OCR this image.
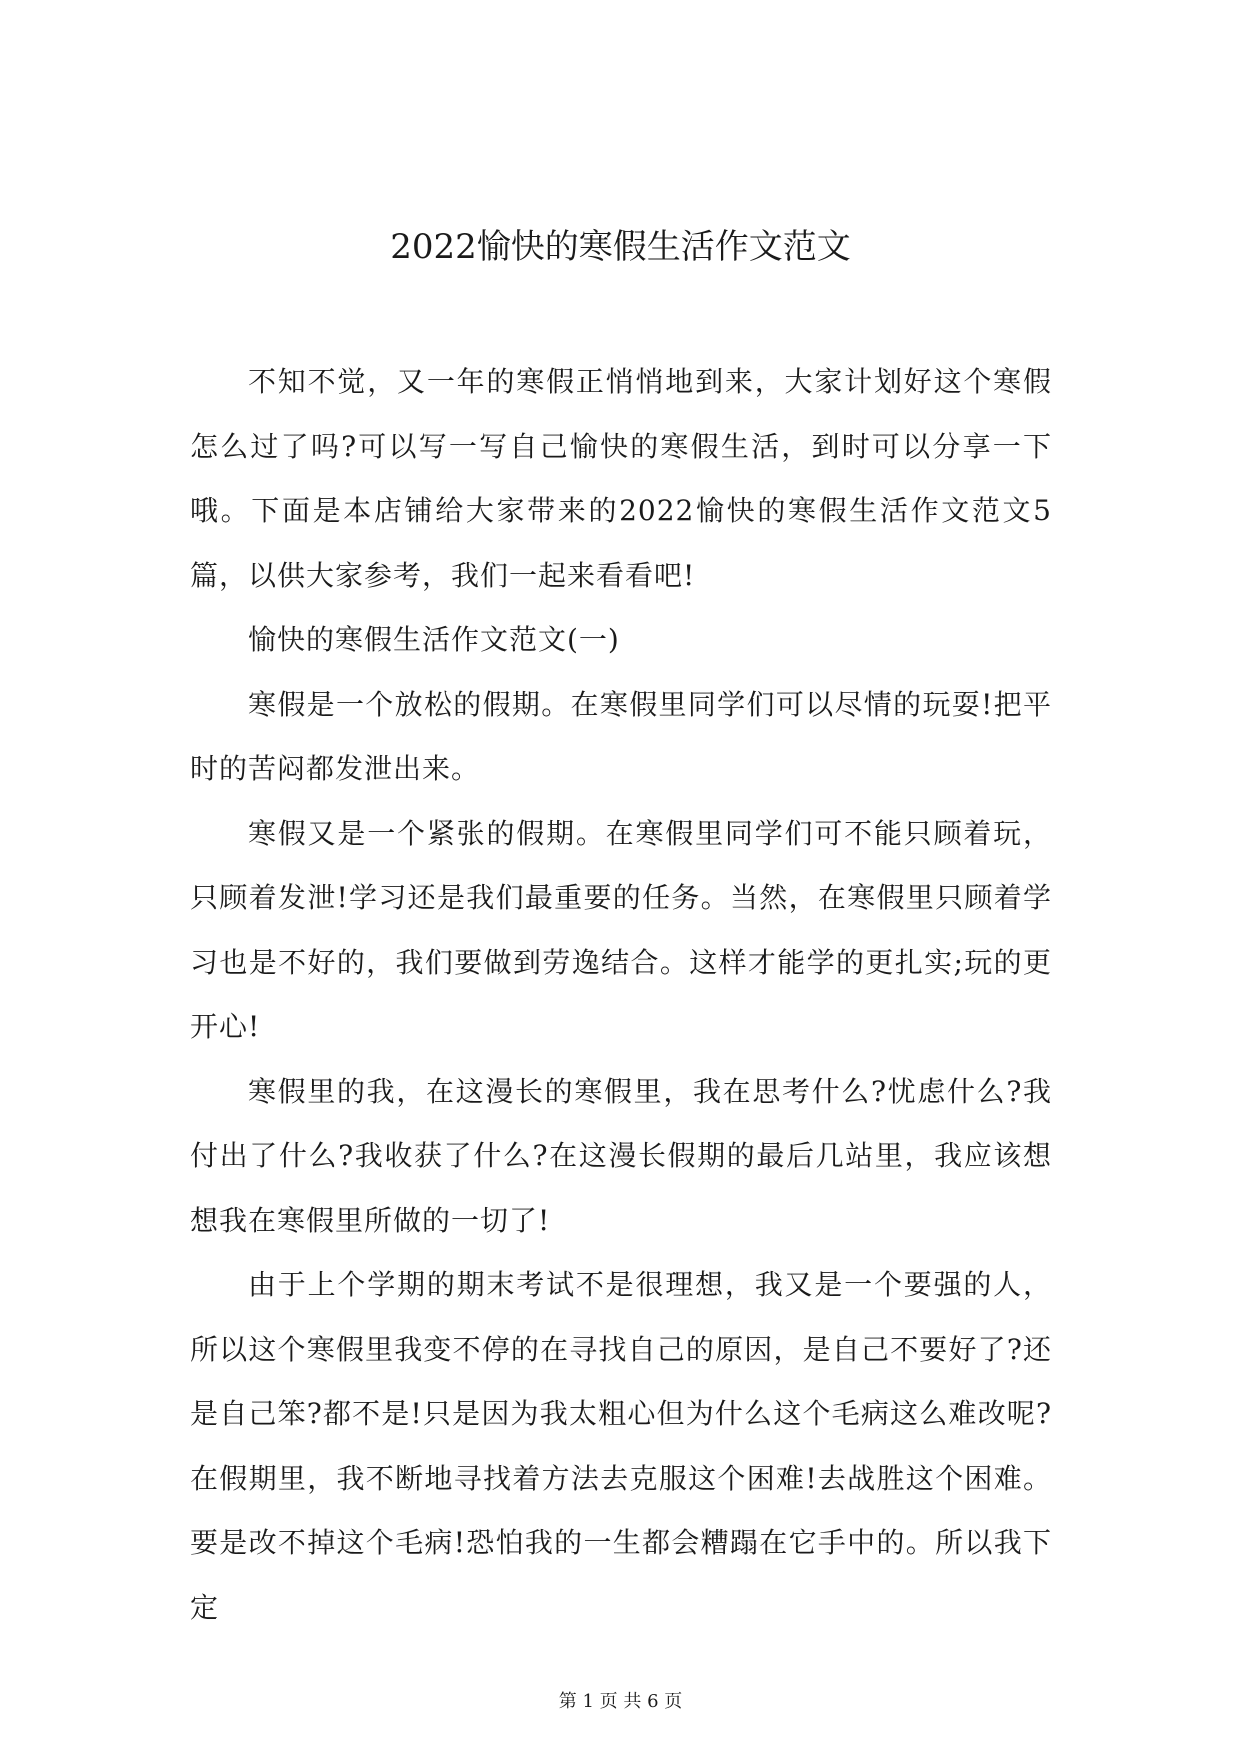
2022愉快的寒假生活作文范文

不知不觉，又一年的寒假正悄悄地到来，大家计划好这个寒假怎么过了吗?可以写一写自己愉快的寒假生活，到时可以分享一下哦。下面是本店铺给大家带来的2022愉快的寒假生活作文范文5篇，以供大家参考，我们一起来看看吧!

愉快的寒假生活作文范文(一)

寒假是一个放松的假期。在寒假里同学们可以尽情的玩耍!把平时的苦闷都发泄出来。

寒假又是一个紧张的假期。在寒假里同学们可不能只顾着玩，只顾着发泄!学习还是我们最重要的任务。当然，在寒假里只顾着学习也是不好的，我们要做到劳逸结合。这样才能学的更扎实;玩的更开心!

寒假里的我，在这漫长的寒假里，我在思考什么?忧虑什么?我付出了什么?我收获了什么?在这漫长假期的最后几站里，我应该想想我在寒假里所做的一切了!

由于上个学期的期末考试不是很理想，我又是一个要强的人，所以这个寒假里我变不停的在寻找自己的原因，是自己不要好了?还是自己笨?都不是!只是因为我太粗心但为什么这个毛病这么难改呢?在假期里，我不断地寻找着方法去克服这个困难!去战胜这个困难。要是改不掉这个毛病!恐怕我的一生都会糟蹋在它手中的。所以我下定

第 1 页 共 6 页
